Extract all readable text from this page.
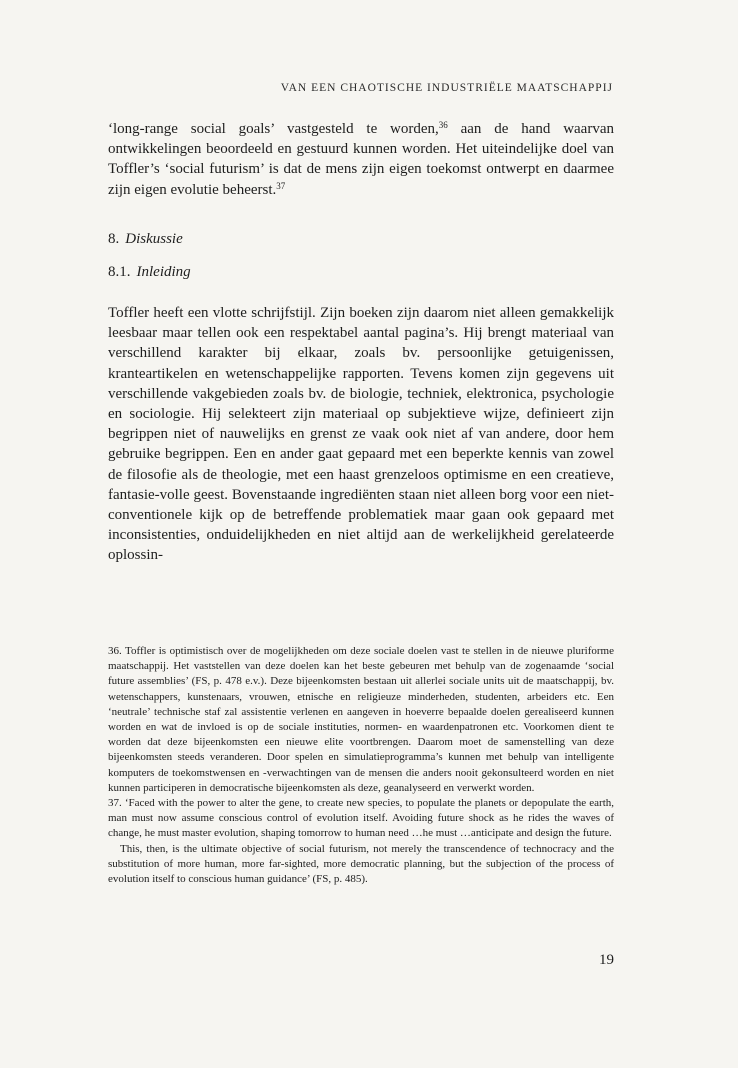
VAN EEN CHAOTISCHE INDUSTRIËLE MAATSCHAPPIJ

‘long-range social goals’ vastgesteld te worden,$^{36}$ aan de hand waarvan ontwikkelingen beoordeeld en gestuurd kunnen worden. Het uiteindelijke doel van Toffler’s ‘social futurism’ is dat de mens zijn eigen toekomst ontwerpt en daarmee zijn eigen evolutie beheerst.$^{37}$

8. Diskussie
8.1. Inleiding

Toffler heeft een vlotte schrijfstijl. Zijn boeken zijn daarom niet alleen gemakkelijk leesbaar maar tellen ook een respektabel aantal pagina’s. Hij brengt materiaal van verschillend karakter bij elkaar, zoals bv. persoonlijke getuigenissen, kranteartikelen en wetenschappelijke rapporten. Tevens komen zijn gegevens uit verschillende vakgebieden zoals bv. de biologie, techniek, elektronica, psychologie en sociologie. Hij selekteert zijn materiaal op subjektieve wijze, definieert zijn begrippen niet of nauwelijks en grenst ze vaak ook niet af van andere, door hem gebruike begrippen. Een en ander gaat gepaard met een beperkte kennis van zowel de filosofie als de theologie, met een haast grenzeloos optimisme en een creatieve, fantasie-volle geest. Bovenstaande ingrediënten staan niet alleen borg voor een niet-conventionele kijk op de betreffende problematiek maar gaan ook gepaard met inconsistenties, onduidelijkheden en niet altijd aan de werkelijkheid gerelateerde oplossin-

36. Toffler is optimistisch over de mogelijkheden om deze sociale doelen vast te stellen in de nieuwe pluriforme maatschappij. Het vaststellen van deze doelen kan het beste gebeuren met behulp van de zogenaamde ‘social future assemblies’ (FS, p. 478 e.v.). Deze bijeenkomsten bestaan uit allerlei sociale units uit de maatschappij, bv. wetenschappers, kunstenaars, vrouwen, etnische en religieuze minderheden, studenten, arbeiders etc. Een ‘neutrale’ technische staf zal assistentie verlenen en aangeven in hoeverre bepaalde doelen gerealiseerd kunnen worden en wat de invloed is op de sociale instituties, normen- en waardenpatronen etc. Voorkomen dient te worden dat deze bijeenkomsten een nieuwe elite voortbrengen. Daarom moet de samenstelling van deze bijeenkomsten steeds veranderen. Door spelen en simulatieprogramma’s kunnen met behulp van intelligente komputers de toekomstwensen en -verwachtingen van de mensen die anders nooit gekonsulteerd worden en niet kunnen participeren in democratische bijeenkomsten als deze, geanalyseerd en verwerkt worden.

37. ‘Faced with the power to alter the gene, to create new species, to populate the planets or depopulate the earth, man must now assume conscious control of evolution itself. Avoiding future shock as he rides the waves of change, he must master evolution, shaping tomorrow to human need …he must …anticipate and design the future.

This, then, is the ultimate objective of social futurism, not merely the transcendence of technocracy and the substitution of more human, more far-sighted, more democratic planning, but the subjection of the process of evolution itself to conscious human guidance’ (FS, p. 485).

19
